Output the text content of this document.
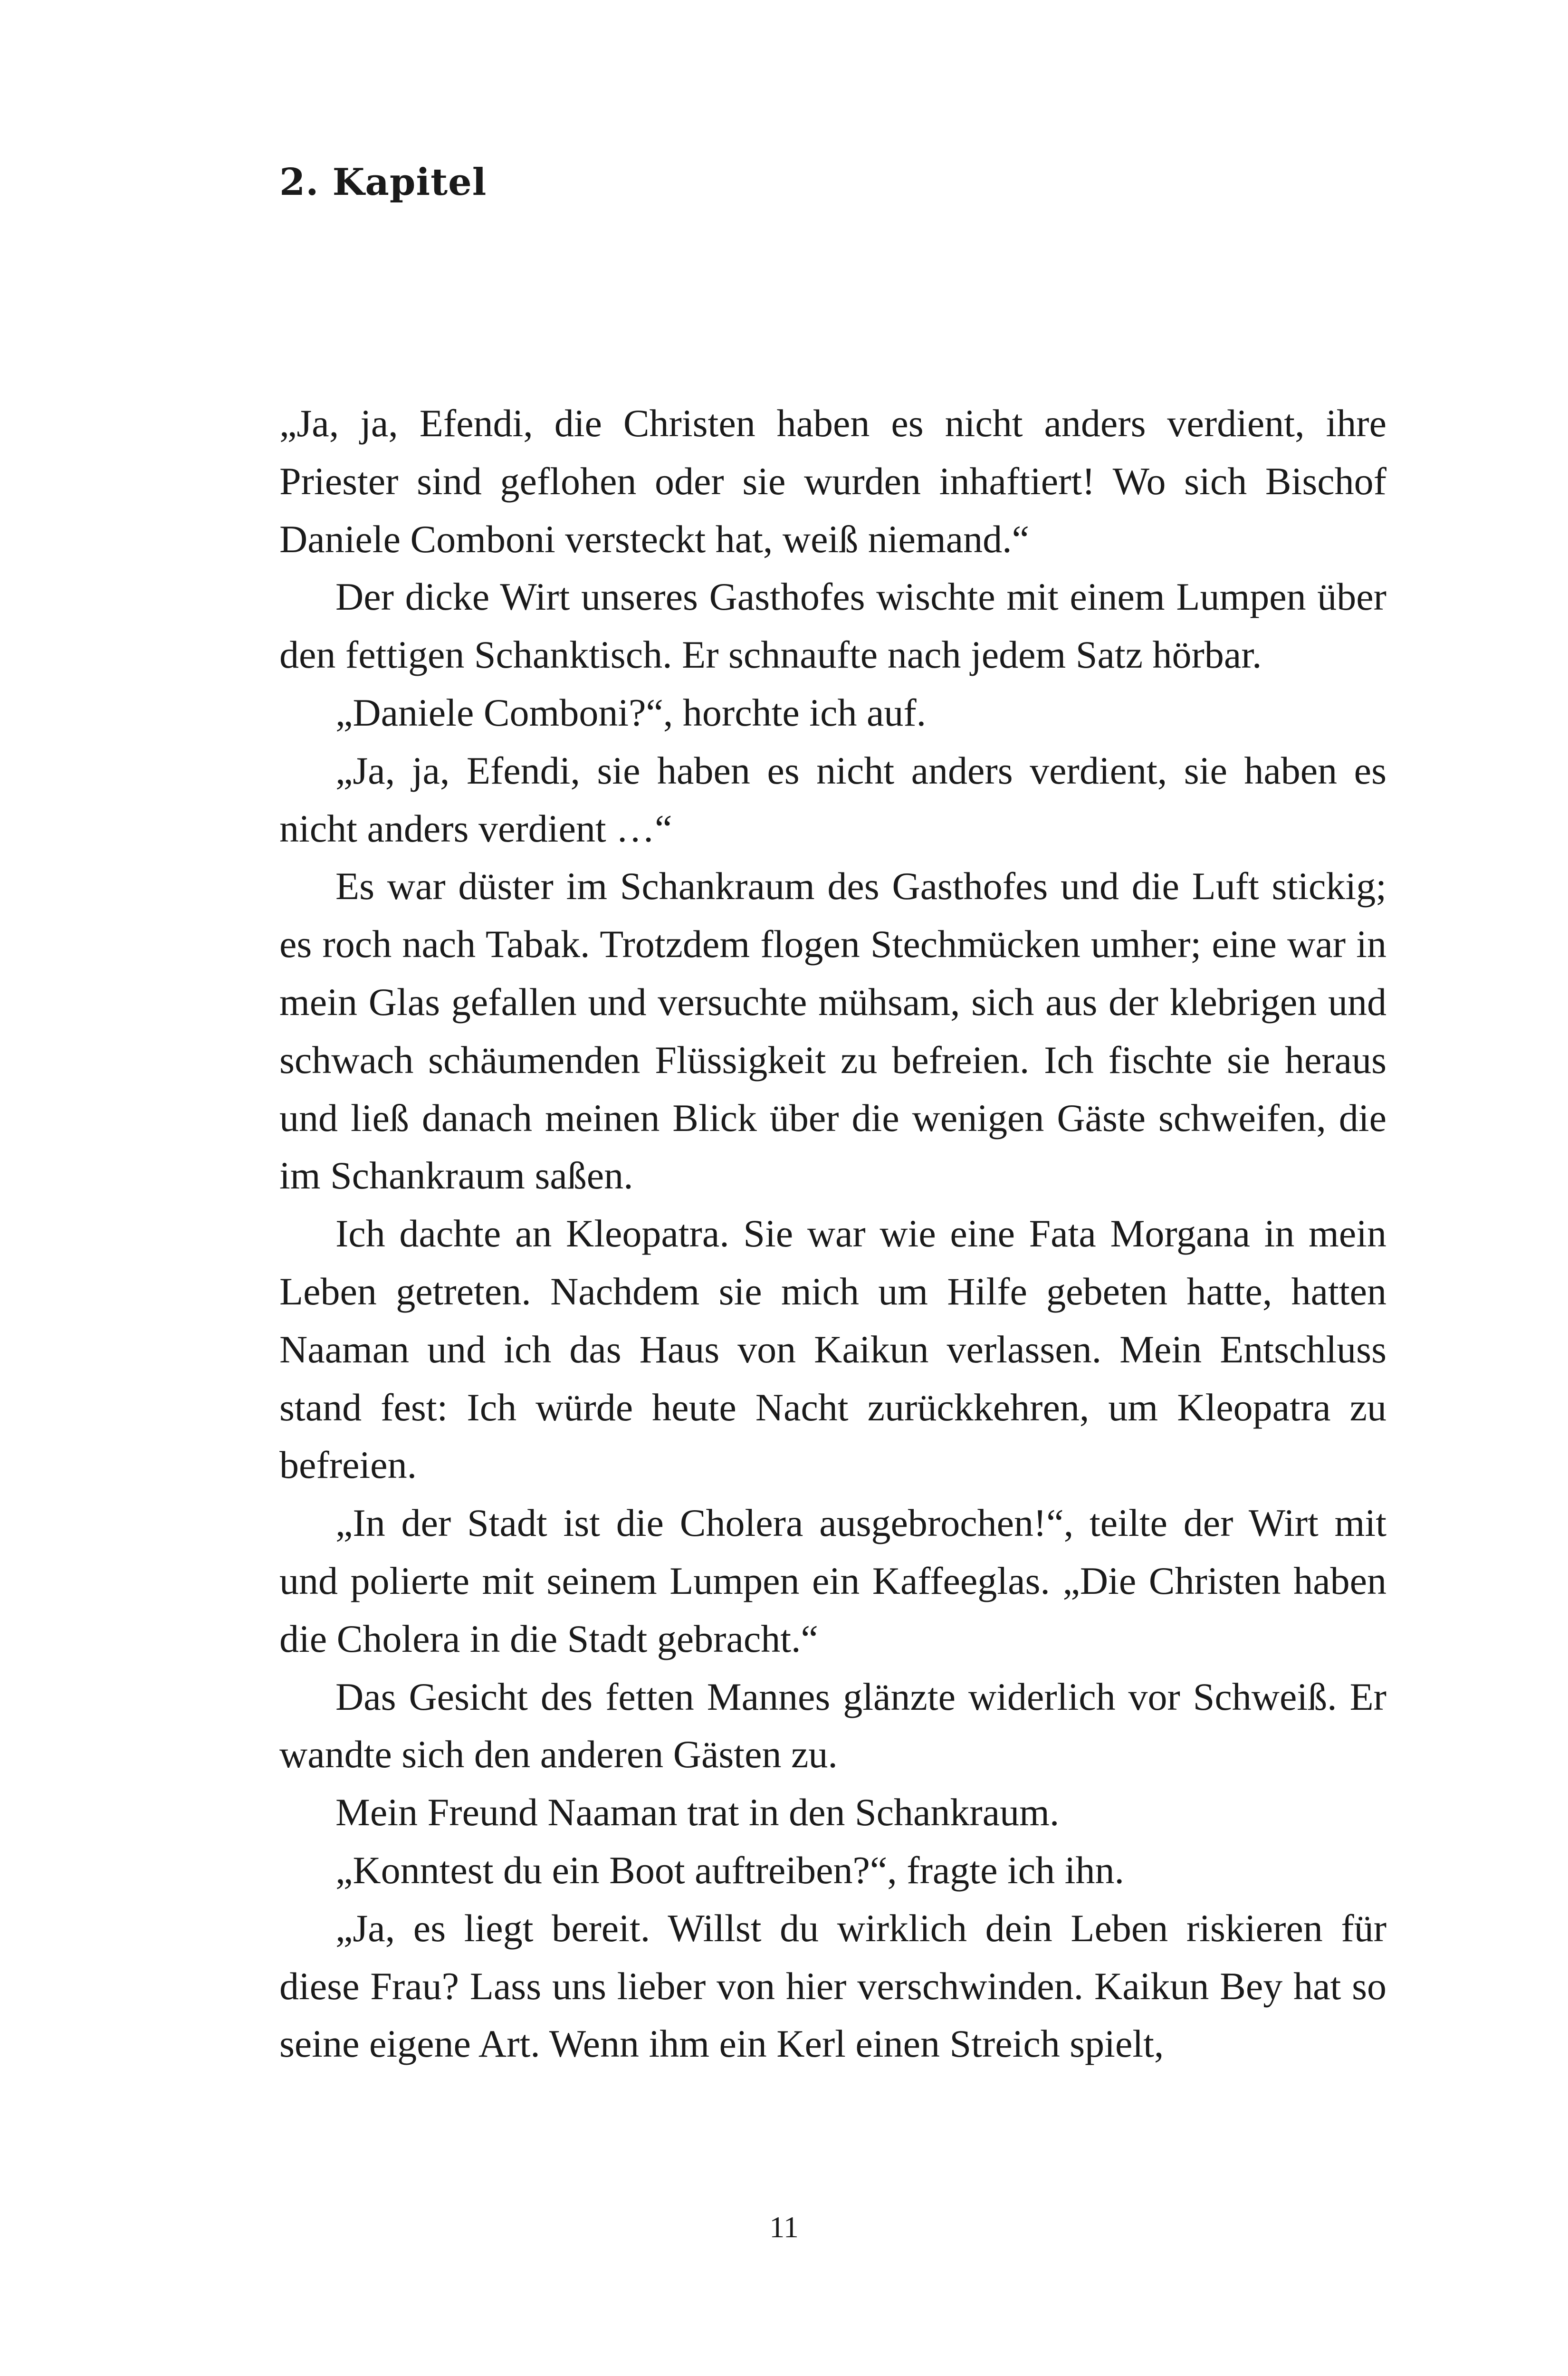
2. Kapitel

„Ja, ja, Efendi, die Christen haben es nicht anders verdient, ihre Priester sind geflohen oder sie wurden inhaftiert! Wo sich Bischof Daniele Comboni versteckt hat, weiß niemand.“

Der dicke Wirt unseres Gasthofes wischte mit einem Lumpen über den fettigen Schanktisch. Er schnaufte nach jedem Satz hörbar.

„Daniele Comboni?“, horchte ich auf.

„Ja, ja, Efendi, sie haben es nicht anders verdient, sie haben es nicht anders verdient …“

Es war düster im Schankraum des Gasthofes und die Luft stickig; es roch nach Tabak. Trotzdem flogen Stechmücken umher; eine war in mein Glas gefallen und versuchte mühsam, sich aus der klebrigen und schwach schäumenden Flüssigkeit zu befreien. Ich fischte sie heraus und ließ danach meinen Blick über die wenigen Gäste schweifen, die im Schankraum saßen.

Ich dachte an Kleopatra. Sie war wie eine Fata Morgana in mein Leben getreten. Nachdem sie mich um Hilfe gebeten hatte, hatten Naaman und ich das Haus von Kaikun verlassen. Mein Entschluss stand fest: Ich würde heute Nacht zurückkehren, um Kleopatra zu befreien.

„In der Stadt ist die Cholera ausgebrochen!“, teilte der Wirt mit und polierte mit seinem Lumpen ein Kaffeeglas. „Die Christen haben die Cholera in die Stadt gebracht.“

Das Gesicht des fetten Mannes glänzte widerlich vor Schweiß. Er wandte sich den anderen Gästen zu.

Mein Freund Naaman trat in den Schankraum.

„Konntest du ein Boot auftreiben?“, fragte ich ihn.

„Ja, es liegt bereit. Willst du wirklich dein Leben riskieren für diese Frau? Lass uns lieber von hier verschwinden. Kaikun Bey hat so seine eigene Art. Wenn ihm ein Kerl einen Streich spielt,

11
